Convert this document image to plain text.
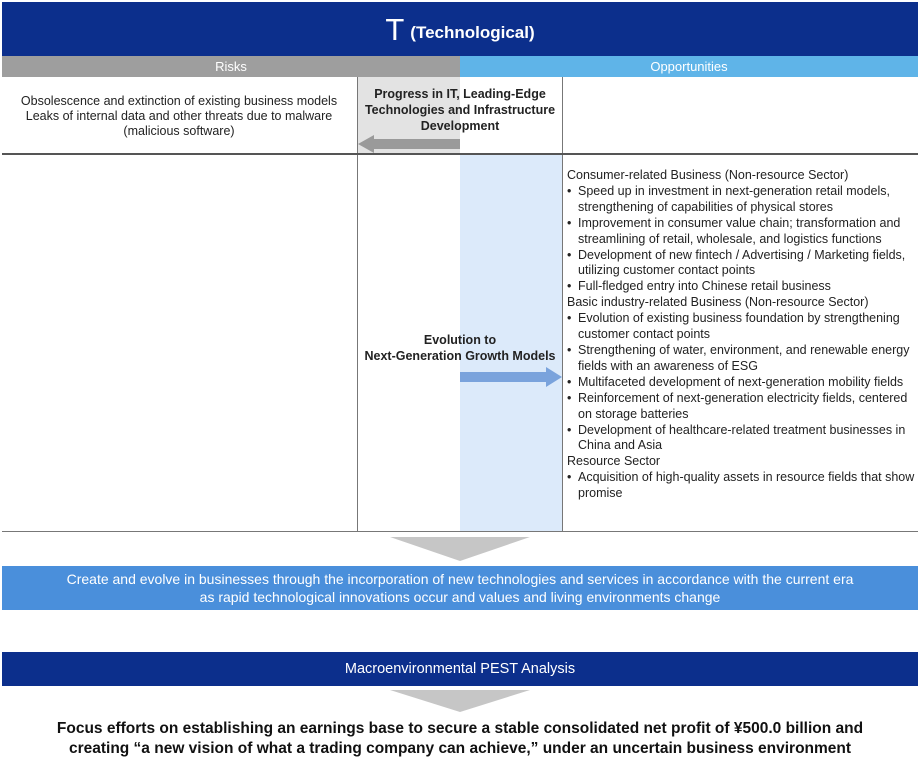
T (Technological)
Risks	Opportunities
Obsolescence and extinction of existing business models
Leaks of internal data and other threats due to malware
(malicious software)
Progress in IT, Leading-Edge
Technologies and Infrastructure
Development
Evolution to
Next-Generation Growth Models
Consumer-related Business (Non-resource Sector)
• Speed up in investment in next-generation retail models, strengthening of capabilities of physical stores
• Improvement in consumer value chain; transformation and streamlining of retail, wholesale, and logistics functions
• Development of new fintech / Advertising / Marketing fields, utilizing customer contact points
• Full-fledged entry into Chinese retail business
Basic industry-related Business (Non-resource Sector)
• Evolution of existing business foundation by strengthening customer contact points
• Strengthening of water, environment, and renewable energy fields with an awareness of ESG
• Multifaceted development of next-generation mobility fields
• Reinforcement of next-generation electricity fields, centered on storage batteries
• Development of healthcare-related treatment businesses in China and Asia
Resource Sector
• Acquisition of high-quality assets in resource fields that show promise
Create and evolve in businesses through the incorporation of new technologies and services in accordance with the current era
as rapid technological innovations occur and values and living environments change
Macroenvironmental PEST Analysis
Focus efforts on establishing an earnings base to secure a stable consolidated net profit of ¥500.0 billion and
creating “a new vision of what a trading company can achieve,” under an uncertain business environment
